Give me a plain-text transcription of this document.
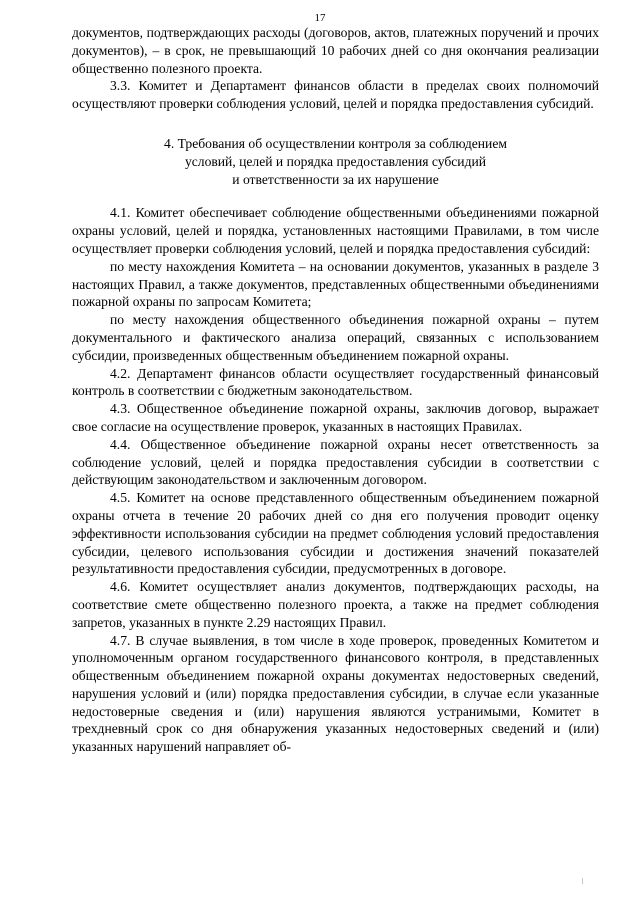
17

документов, подтверждающих расходы (договоров, актов, платежных поручений и прочих документов), – в срок, не превышающий 10 рабочих дней со дня окончания реализации общественно полезного проекта.

3.3. Комитет и Департамент финансов области в пределах своих полномочий осуществляют проверки соблюдения условий, целей и порядка предоставления субсидий.

4. Требования об осуществлении контроля за соблюдением
условий, целей и порядка предоставления субсидий
и ответственности за их нарушение

4.1. Комитет обеспечивает соблюдение общественными объединениями пожарной охраны условий, целей и порядка, установленных настоящими Правилами, в том числе осуществляет проверки соблюдения условий, целей и порядка предоставления субсидий:

по месту нахождения Комитета – на основании документов, указанных в разделе 3 настоящих Правил, а также документов, представленных общественными объединениями пожарной охраны по запросам Комитета;

по месту нахождения общественного объединения пожарной охраны – путем документального и фактического анализа операций, связанных с использованием субсидии, произведенных общественным объединением пожарной охраны.

4.2. Департамент финансов области осуществляет государственный финансовый контроль в соответствии с бюджетным законодательством.

4.3. Общественное объединение пожарной охраны, заключив договор, выражает свое согласие на осуществление проверок, указанных в настоящих Правилах.

4.4. Общественное объединение пожарной охраны несет ответственность за соблюдение условий, целей и порядка предоставления субсидии в соответствии с действующим законодательством и заключенным договором.

4.5. Комитет на основе представленного общественным объединением пожарной охраны отчета в течение 20 рабочих дней со дня его получения проводит оценку эффективности использования субсидии на предмет соблюдения условий предоставления субсидии, целевого использования субсидии и достижения значений показателей результативности предоставления субсидии, предусмотренных в договоре.

4.6. Комитет осуществляет анализ документов, подтверждающих расходы, на соответствие смете общественно полезного проекта, а также на предмет соблюдения запретов, указанных в пункте 2.29 настоящих Правил.

4.7. В случае выявления, в том числе в ходе проверок, проведенных Комитетом и уполномоченным органом государственного финансового контроля, в представленных общественным объединением пожарной охраны документах недостоверных сведений, нарушения условий и (или) порядка предоставления субсидии, в случае если указанные недостоверные сведения и (или) нарушения являются устранимыми, Комитет в трехдневный срок со дня обнаружения указанных недостоверных сведений и (или) указанных нарушений направляет об-
